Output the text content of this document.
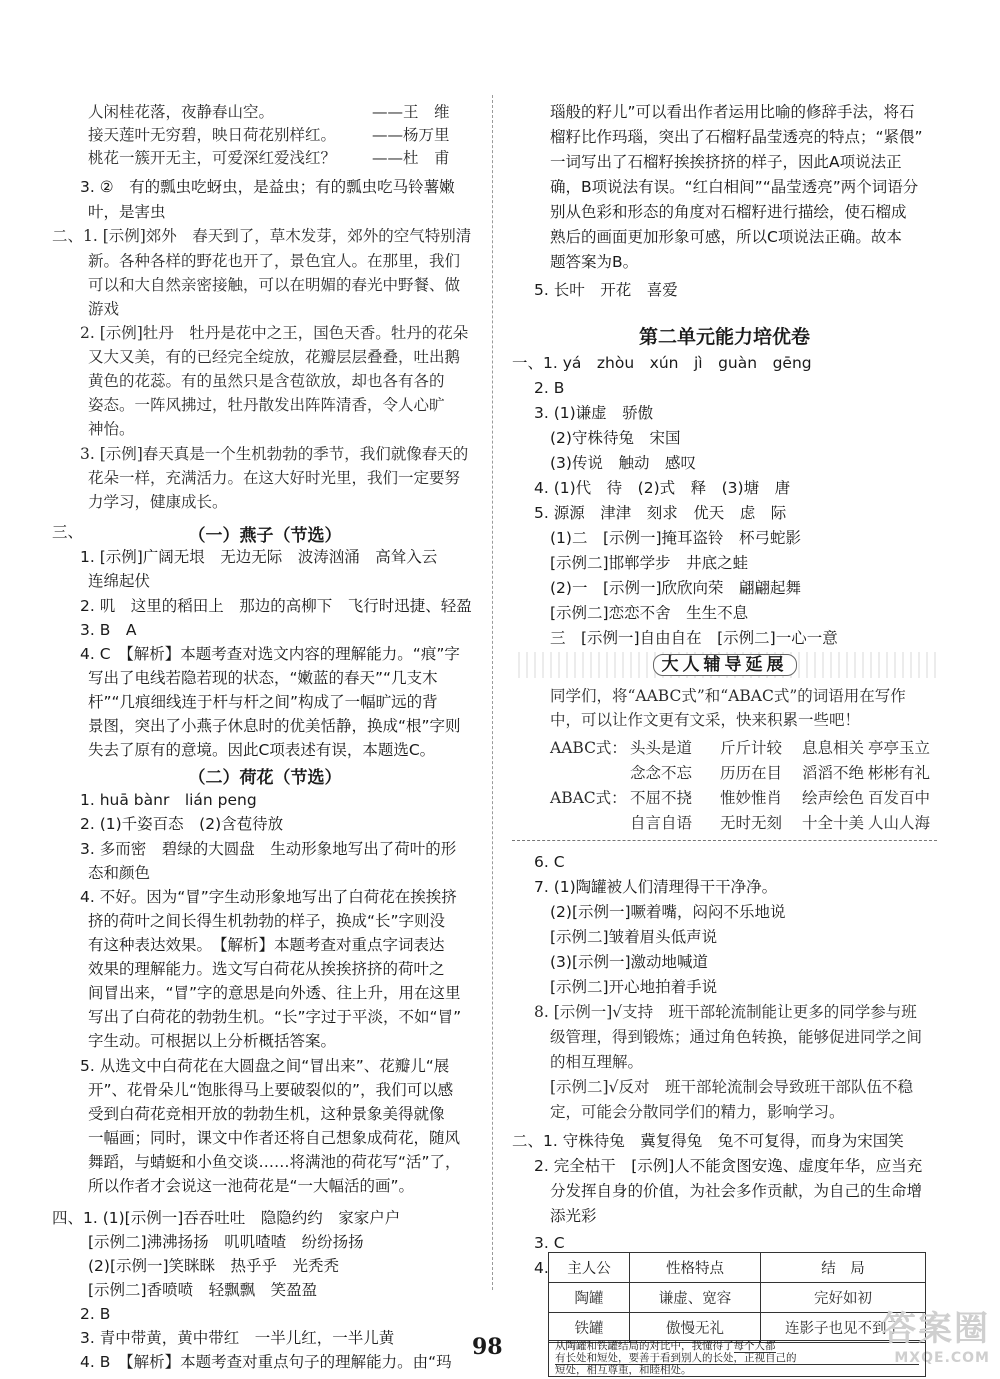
人闲桂花落，夜静春山空。	——王　维
接天莲叶无穷碧，映日荷花别样红。 ——杨万里
桃花一簇开无主，可爱深红爱浅红？ ——杜　甫
3. ②　有的瓢虫吃蚜虫，是益虫；有的瓢虫吃马铃薯嫩
叶，是害虫
二、1. [示例]郊外　春天到了，草木发芽，郊外的空气特别清
新。各种各样的野花也开了，景色宜人。在那里，我们
可以和大自然亲密接触，可以在明媚的春光中野餐、做
游戏
2. [示例]牡丹　牡丹是花中之王，国色天香。牡丹的花朵
又大又美，有的已经完全绽放，花瓣层层叠叠，吐出鹅
黄色的花蕊。有的虽然只是含苞欲放，却也各有各的
姿态。一阵风拂过，牡丹散发出阵阵清香，令人心旷
神怡。
3. [示例]春天真是一个生机勃勃的季节，我们就像春天的
花朵一样，充满活力。在这大好时光里，我们一定要努
力学习，健康成长。
三、	（一）燕子（节选）
1. [示例]广阔无垠　无边无际　波涛汹涌　高耸入云
连绵起伏
2. 叽　这里的稻田上　那边的高柳下　飞行时迅捷、轻盈
3. B　A
4. C　【解析】本题考查对选文内容的理解能力。“痕”字
写出了电线若隐若现的状态，“嫩蓝的春天”“几支木
杆”“几痕细线连于杆与杆之间”构成了一幅旷远的背
景图，突出了小燕子休息时的优美恬静，换成“根”字则
失去了原有的意境。因此C项表述有误，本题选C。
（二）荷花（节选）
1. huā bànr　lián peng
2. (1)千姿百态　(2)含苞待放
3. 多而密　碧绿的大圆盘　生动形象地写出了荷叶的形
态和颜色
4. 不好。因为“冒”字生动形象地写出了白荷花在挨挨挤
挤的荷叶之间长得生机勃勃的样子，换成“长”字则没
有这种表达效果。　【解析】本题考查对重点字词表达
效果的理解能力。选文写白荷花从挨挨挤挤的荷叶之
间冒出来，“冒”字的意思是向外透、往上升，用在这里
写出了白荷花的勃勃生机。“长”字过于平淡，不如“冒”
字生动。可根据以上分析概括答案。
5. 从选文中白荷花在大圆盘之间“冒出来”、花瓣儿“展
开”、花骨朵儿“饱胀得马上要破裂似的”，我们可以感
受到白荷花竞相开放的勃勃生机，这种景象美得就像
一幅画；同时，课文中作者还将自己想象成荷花，随风
舞蹈，与蜻蜓和小鱼交谈……将满池的荷花写“活”了，
所以作者才会说这一池荷花是“一大幅活的画”。
四、1. (1)[示例一]吞吞吐吐　隐隐约约　家家户户
[示例二]沸沸扬扬　叽叽喳喳　纷纷扬扬
(2)[示例一]笑眯眯　热乎乎　光秃秃
[示例二]香喷喷　轻飘飘　笑盈盈
2. B
3. 青中带黄，黄中带红　一半儿红，一半儿黄
4. B　【解析】本题考查对重点句子的理解能力。由“玛
瑙般的籽儿”可以看出作者运用比喻的修辞手法，将石
榴籽比作玛瑙，突出了石榴籽晶莹透亮的特点；“紧偎”
一词写出了石榴籽挨挨挤挤的样子，因此A项说法正
确，B项说法有误。“红白相间”“晶莹透亮”两个词语分
别从色彩和形态的角度对石榴籽进行描绘，使石榴成
熟后的画面更加形象可感，所以C项说法正确。故本
题答案为B。
5. 长叶　开花　喜爱
第二单元能力培优卷
一、1. yá　zhòu　xún　jì　guàn　gēng
2. B
3. (1)谦虚　骄傲
(2)守株待兔　宋国
(3)传说　触动　感叹
4. (1)代　待　(2)式　释　(3)塘　唐
5. 源源　津津　刻求　优天　虑　际
(1)二　[示例一]掩耳盗铃　杯弓蛇影
[示例二]邯郸学步　井底之蛙
(2)一　[示例一]欣欣向荣　翩翩起舞
[示例二]恋恋不舍　生生不息
三　[示例一]自由自在　[示例二]一心一意
大人辅导延展
同学们，将“AABC式”和“ABAC式”的词语用在写作
中，可以让作文更有文采，快来积累一些吧！
AABC式： 头头是道 斤斤计较 息息相关 亭亭玉立
念念不忘 历历在目 滔滔不绝 彬彬有礼
ABAC式： 不屈不挠 惟妙惟肖 绘声绘色 百发百中
自言自语 无时无刻 十全十美 人山人海
6. C
7. (1)陶罐被人们清理得干干净净。
(2)[示例一]噘着嘴，闷闷不乐地说
[示例二]皱着眉头低声说
(3)[示例一]激动地喊道
[示例二]开心地拍着手说
8. [示例一]√支持　班干部轮流制能让更多的同学参与班
级管理，得到锻炼；通过角色转换，能够促进同学之间
的相互理解。
[示例二]√反对　班干部轮流制会导致班干部队伍不稳
定，可能会分散同学们的精力，影响学习。
二、1. 守株待兔　冀复得兔　兔不可复得，而身为宋国笑
2. 完全枯干　[示例]人不能贪图安逸、虚度年华，应当充
分发挥自身的价值，为社会多作贡献，为自己的生命增
添光彩
3. C
4. 主人公	性格特点	结　局
陶罐	谦虚、宽容	完好如初
铁罐	傲慢无礼	连影子也见不到了
98	答案圈
MXQE.COM
从陶罐和铁罐结局的对比中，我懂得了每个人都
有长处和短处，要善于看到别人的长处，正视自己的
短处，相互尊重，和睦相处。
